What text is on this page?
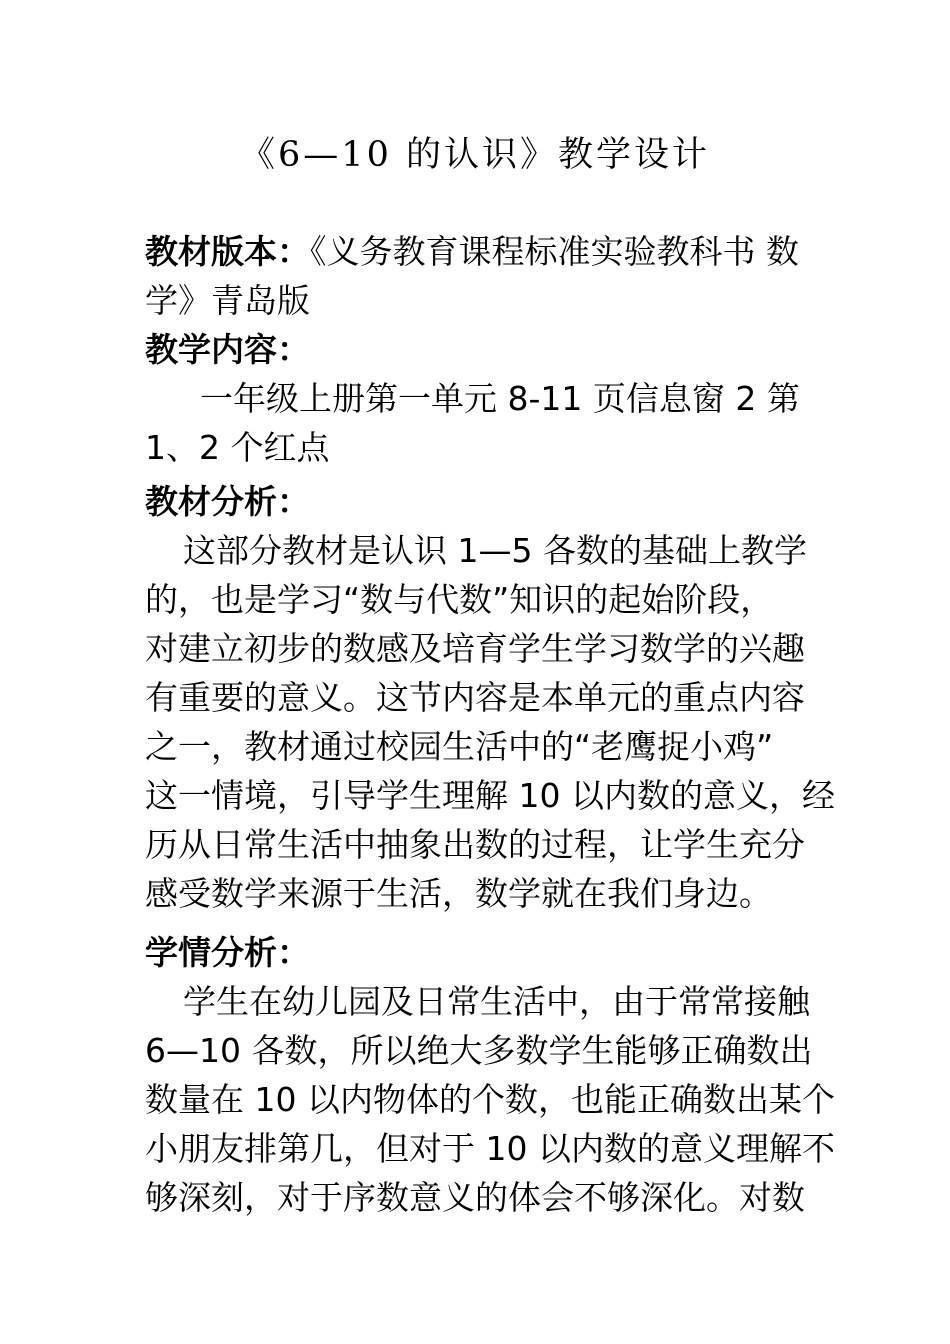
《6—10 的认识》教学设计
教材版本：《义务教育课程标准实验教科书 数
学》青岛版
教学内容：
一年级上册第一单元 8-11 页信息窗 2 第
1、2 个红点
教材分析：
这部分教材是认识 1—5 各数的基础上教学
的，也是学习“数与代数”知识的起始阶段，
对建立初步的数感及培育学生学习数学的兴趣
有重要的意义。这节内容是本单元的重点内容
之一，教材通过校园生活中的“老鹰捉小鸡”
这一情境，引导学生理解 10 以内数的意义，经
历从日常生活中抽象出数的过程，让学生充分
感受数学来源于生活，数学就在我们身边。
学情分析：
学生在幼儿园及日常生活中，由于常常接触
6—10 各数，所以绝大多数学生能够正确数出
数量在 10 以内物体的个数，也能正确数出某个
小朋友排第几，但对于 10 以内数的意义理解不
够深刻，对于序数意义的体会不够深化。对数
